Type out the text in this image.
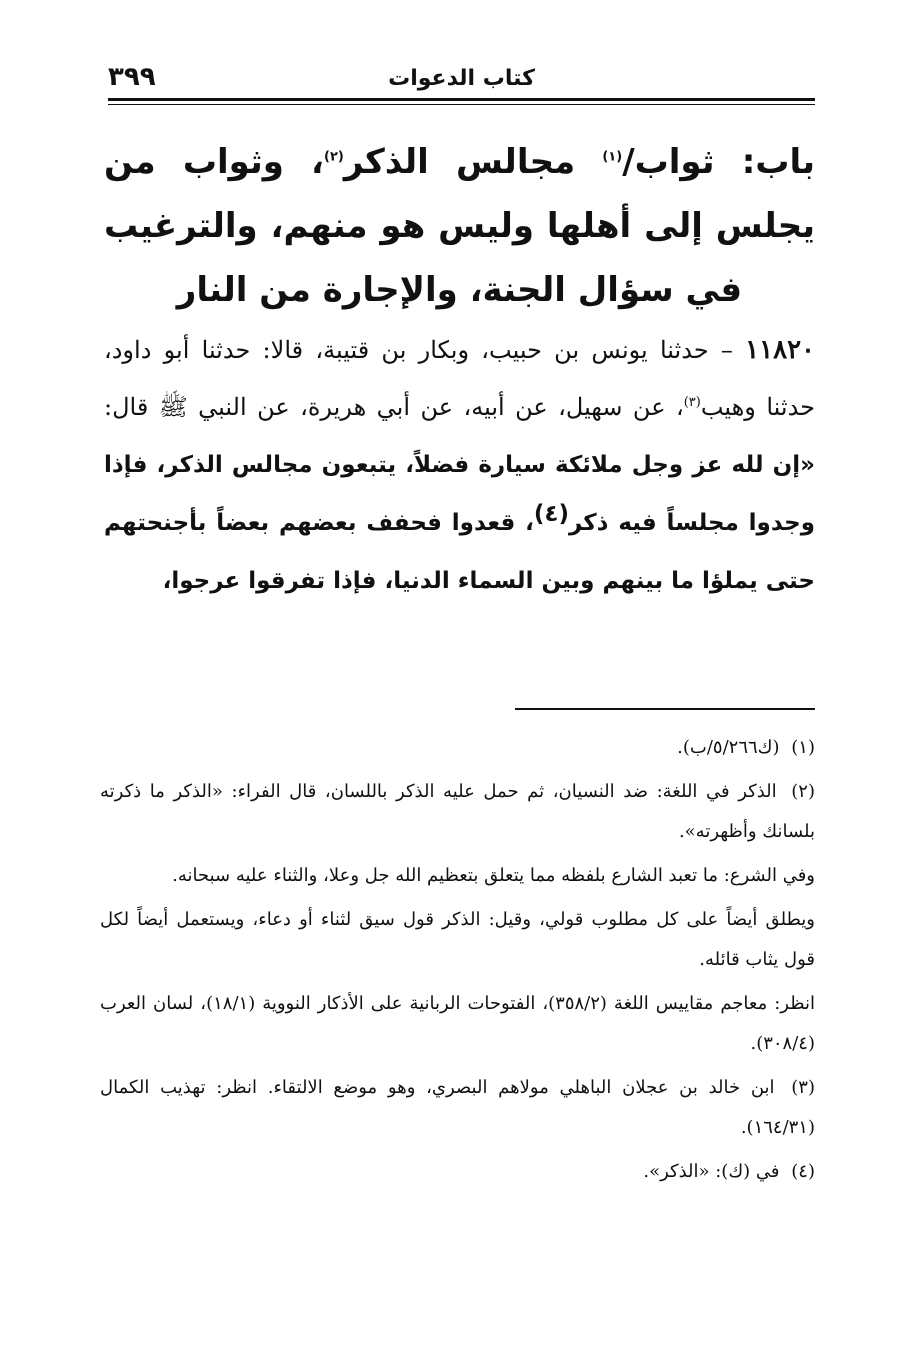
٣٩٩	كتاب الدعوات
باب: ثواب/$^{(١)}$ مجالس الذكر$^{(٢)}$، وثواب من يجلس إلى أهلها وليس هو منهم، والترغيب في سؤال الجنة، والإجارة من النار
١١٨٢٠ – حدثنا يونس بن حبيب، وبكار بن قتيبة، قالا: حدثنا أبو داود، حدثنا وهيب$^{(٣)}$، عن سهيل، عن أبيه، عن أبي هريرة، عن النبي ﷺ قال: «إن لله عز وجل ملائكة سيارة فضلاً، يتبعون مجالس الذكر، فإذا وجدوا مجلساً فيه ذكر$^{(٤)}$، قعدوا فحفف بعضهم بعضاً بأجنحتهم حتى يملؤا ما بينهم وبين السماء الدنيا، فإذا تفرقوا عرجوا،

(١) (ك٥/٢٦٦/ب).

(٢) الذكر في اللغة: ضد النسيان، ثم حمل عليه الذكر باللسان، قال الفراء: «الذكر ما ذكرته بلسانك وأظهرته».

وفي الشرع: ما تعبد الشارع بلفظه مما يتعلق بتعظيم الله جل وعلا، والثناء عليه سبحانه.

ويطلق أيضاً على كل مطلوب قولي، وقيل: الذكر قول سيق لثناء أو دعاء، ويستعمل أيضاً لكل قول يثاب قائله.

انظر: معاجم مقاييس اللغة (٣٥٨/٢)، الفتوحات الربانية على الأذكار النووية (١٨/١)، لسان العرب (٣٠٨/٤).

(٣) ابن خالد بن عجلان الباهلي مولاهم البصري، وهو موضع الالتقاء. انظر: تهذيب الكمال (١٦٤/٣١).

(٤) في (ك): «الذكر».
